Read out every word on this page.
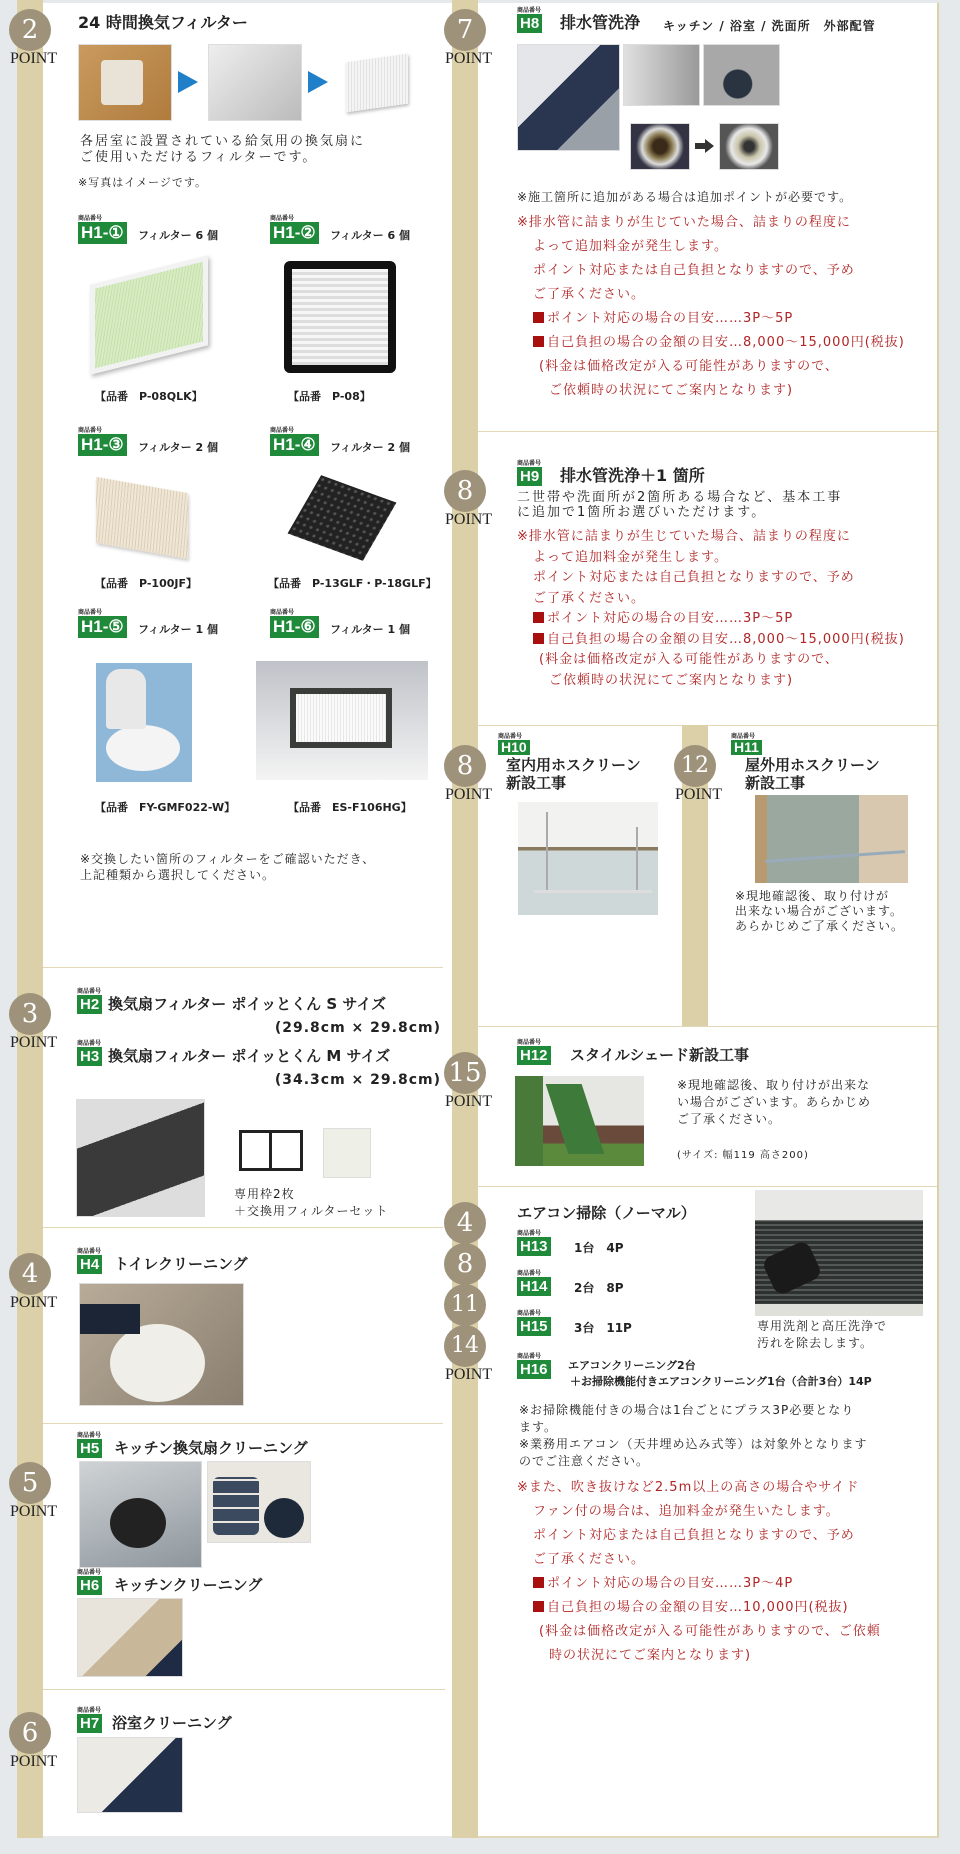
2
POINT
24 時間換気フィルター
各居室に設置されている給気用の換気扇に
ご使用いただけるフィルターです。
※写真はイメージです。
商品番号
H1-① フィルター 6 個
商品番号
H1-② フィルター 6 個
【品番　P-08QLK】	【品番　P-08】
商品番号
H1-③ フィルター 2 個
商品番号
H1-④ フィルター 2 個
【品番　P-100JF】	【品番　P-13GLF・P-18GLF】
商品番号
H1-⑤ フィルター 1 個
商品番号
H1-⑥ フィルター 1 個
【品番　FY-GMF022-W】	【品番　ES-F106HG】
※交換したい箇所のフィルターをご確認いただき、
上記種類から選択してください。
3
POINT
商品番号
H2 換気扇フィルター ポイッとくん S サイズ
(29.8cm × 29.8cm)
商品番号
H3 換気扇フィルター ポイッとくん M サイズ
(34.3cm × 29.8cm)
専用枠2枚
＋交換用フィルターセット
4
POINT
商品番号
H4 トイレクリーニング
5
POINT
商品番号
H5 キッチン換気扇クリーニング
商品番号
H6 キッチンクリーニング
6
POINT
商品番号
H7 浴室クリーニング
7
POINT
商品番号
H8 排水管洗浄 キッチン / 浴室 / 洗面所　外部配管
※施工箇所に追加がある場合は追加ポイントが必要です。
※排水管に詰まりが生じていた場合、詰まりの程度に
よって追加料金が発生します。
ポイント対応または自己負担となりますので、予め
ご了承ください。
ポイント対応の場合の目安……3P〜5P
自己負担の場合の金額の目安…8,000〜15,000円(税抜)
(料金は価格改定が入る可能性がありますので、
ご依頼時の状況にてご案内となります)
8
POINT
商品番号
H9 排水管洗浄＋1 箇所
二世帯や洗面所が2箇所ある場合など、基本工事
に追加で1箇所お選びいただけます。
※排水管に詰まりが生じていた場合、詰まりの程度に
よって追加料金が発生します。
ポイント対応または自己負担となりますので、予め
ご了承ください。
ポイント対応の場合の目安……3P〜5P
自己負担の場合の金額の目安…8,000〜15,000円(税抜)
(料金は価格改定が入る可能性がありますので、
ご依頼時の状況にてご案内となります)
8
POINT
商品番号
H10
室内用ホスクリーン
新設工事
12
POINT
商品番号
H11
屋外用ホスクリーン
新設工事
※現地確認後、取り付けが
出来ない場合がございます。
あらかじめご了承ください。
15
POINT
商品番号
H12 スタイルシェード新設工事
※現地確認後、取り付けが出来な
い場合がございます。あらかじめ
ご了承ください。
(サイズ: 幅119 高さ200)
4
8
11
14
POINT
エアコン掃除（ノーマル）
商品番号
H13 1台　4P
商品番号
H14 2台　8P
商品番号
H15 3台　11P
商品番号
H16 エアコンクリーニング2台
＋お掃除機能付きエアコンクリーニング1台（合計3台）14P
専用洗剤と高圧洗浄で
汚れを除去します。
※お掃除機能付きの場合は1台ごとにプラス3P必要となり
ます。
※業務用エアコン（天井埋め込み式等）は対象外となります
のでご注意ください。
※また、吹き抜けなど2.5m以上の高さの場合やサイド
ファン付の場合は、追加料金が発生いたします。
ポイント対応または自己負担となりますので、予め
ご了承ください。
ポイント対応の場合の目安……3P〜4P
自己負担の場合の金額の目安…10,000円(税抜)
(料金は価格改定が入る可能性がありますので、ご依頼
時の状況にてご案内となります)
